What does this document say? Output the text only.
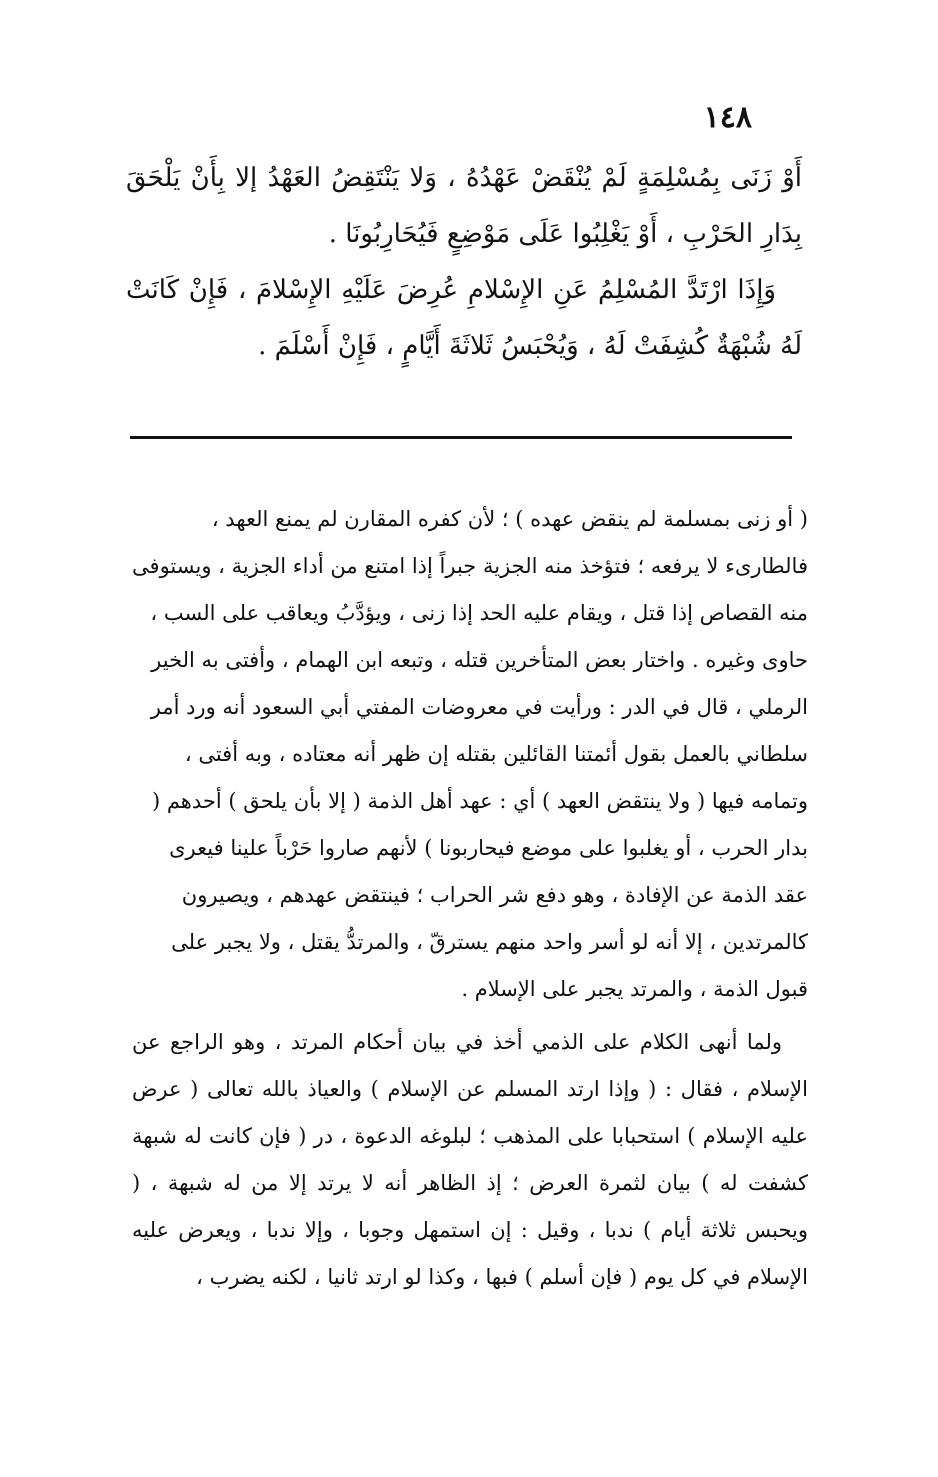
١٤٨

أَوْ زَنَى بِمُسْلِمَةٍ لَمْ يُنْقَضْ عَهْدُهُ ، وَلا يَنْتَقِضُ العَهْدُ إلا بِأَنْ يَلْحَقَ بِدَارِ الحَرْبِ ، أَوْ يَغْلِبُوا عَلَى مَوْضِعٍ فَيُحَارِبُونَا .

وَإِذَا ارْتَدَّ المُسْلِمُ عَنِ الإِسْلامِ عُرِضَ عَلَيْهِ الإِسْلامَ ، فَإِنْ كَانَتْ لَهُ شُبْهَةٌ كُشِفَتْ لَهُ ، وَيُحْبَسُ ثَلاثَةَ أَيَّامٍ ، فَإِنْ أَسْلَمَ .

( أو زنى بمسلمة لم ينقض عهده ) ؛ لأن كفره المقارن لم يمنع العهد ، فالطارىء لا يرفعه ؛ فتؤخذ منه الجزية جبراً إذا امتنع من أداء الجزية ، ويستوفى منه القصاص إذا قتل ، ويقام عليه الحد إذا زنى ، ويؤدَّبُ ويعاقب على السب ، حاوى وغيره . واختار بعض المتأخرين قتله ، وتبعه ابن الهمام ، وأفتى به الخير الرملي ، قال في الدر : ورأيت في معروضات المفتي أبي السعود أنه ورد أمر سلطاني بالعمل بقول أئمتنا القائلين بقتله إن ظهر أنه معتاده ، وبه أفتى ، وتمامه فيها ( ولا ينتقض العهد ) أي : عهد أهل الذمة ( إلا بأن يلحق ) أحدهم ( بدار الحرب ، أو يغلبوا على موضع فيحاربونا ) لأنهم صاروا حَرْباً علينا فيعرى عقد الذمة عن الإفادة ، وهو دفع شر الحراب ؛ فينتقض عهدهم ، ويصيرون كالمرتدين ، إلا أنه لو أسر واحد منهم يسترقّ ، والمرتدُّ يقتل ، ولا يجبر على قبول الذمة ، والمرتد يجبر على الإسلام .

ولما أنهى الكلام على الذمي أخذ في بيان أحكام المرتد ، وهو الراجع عن الإسلام ، فقال : ( وإذا ارتد المسلم عن الإسلام ) والعياذ بالله تعالى ( عرض عليه الإسلام ) استحبابا على المذهب ؛ لبلوغه الدعوة ، در ( فإن كانت له شبهة كشفت له ) بيان لثمرة العرض ؛ إذ الظاهر أنه لا يرتد إلا من له شبهة ، ( ويحبس ثلاثة أيام ) ندبا ، وقيل : إن استمهل وجوبا ، وإلا ندبا ، ويعرض عليه الإسلام في كل يوم ( فإن أسلم ) فبها ، وكذا لو ارتد ثانيا ، لكنه يضرب ،
